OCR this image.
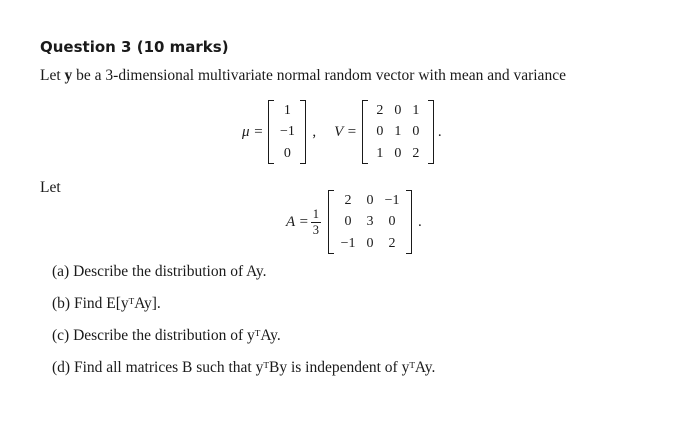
Question 3 (10 marks)
Let y be a 3-dimensional multivariate normal random vector with mean and variance
μ =
1
−1
0
, V =
2 0 1
0 1 0
1 0 2
.
Let
$A = \frac{1}{3}$
2 0 −1
0 3 0
−1 0 2
.
(a) Describe the distribution of Ay.
(b) Find E[yᵀAy].
(c) Describe the distribution of yᵀAy.
(d) Find all matrices B such that yᵀBy is independent of yᵀAy.
